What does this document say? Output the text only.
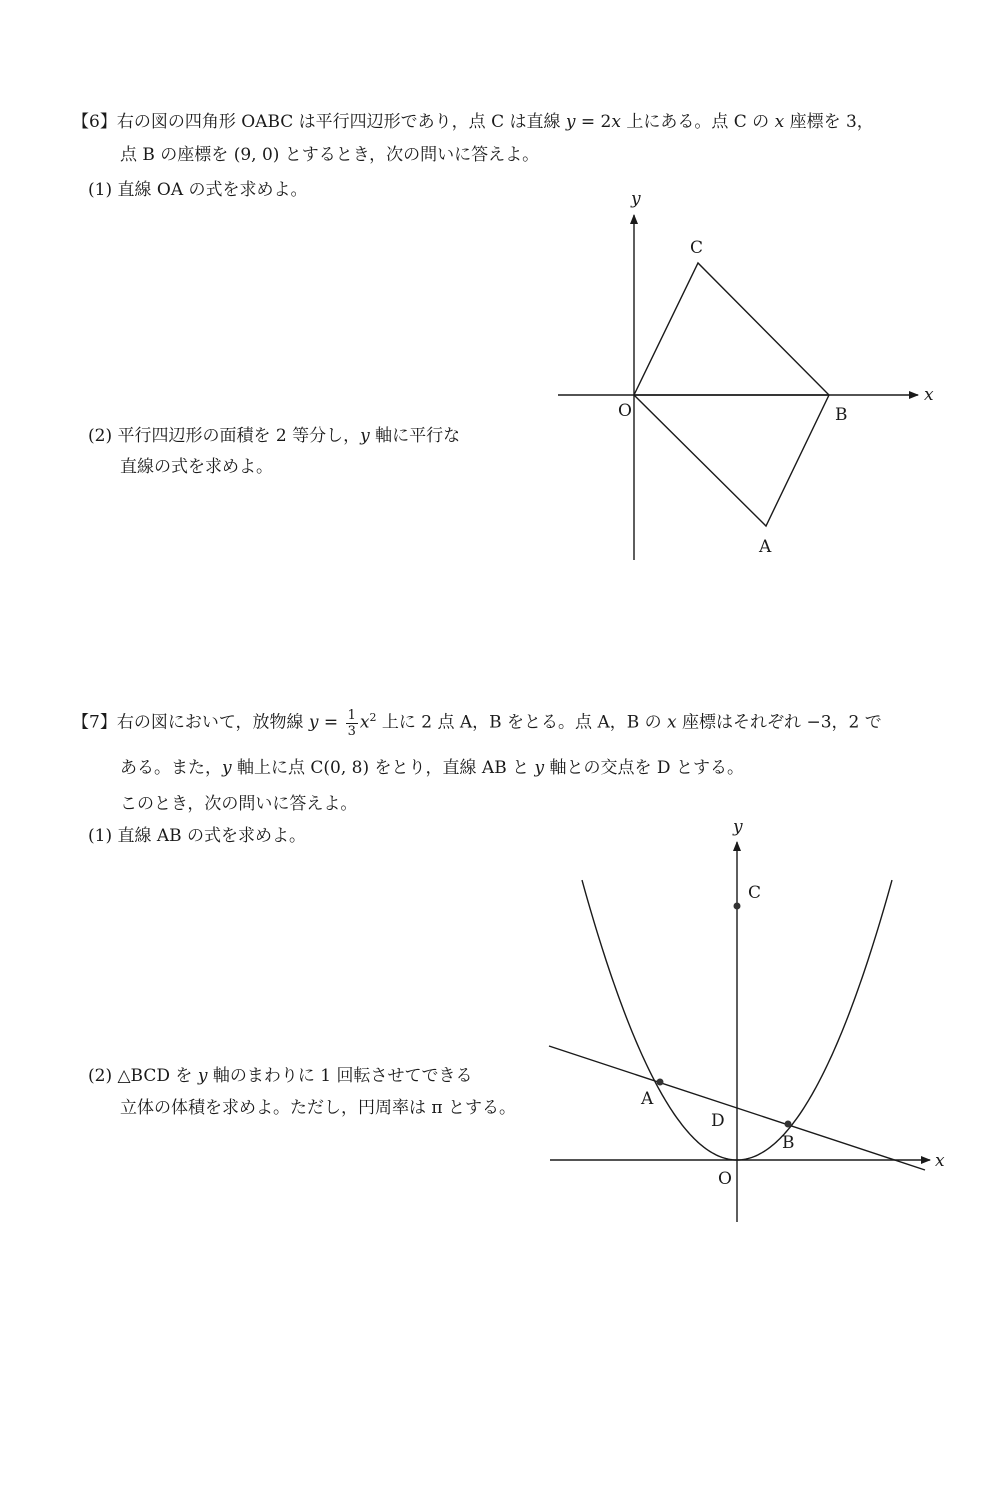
【6】右の図の四角形 OABC は平行四辺形であり，点 C は直線 y = 2x 上にある。点 C の x 座標を 3，
点 B の座標を (9, 0) とするとき，次の問いに答えよ。
(1) 直線 OA の式を求めよ。
(2) 平行四辺形の面積を 2 等分し，y 軸に平行な
直線の式を求めよ。
y
x
O
A
B
C
【7】右の図において，放物線 $y = \frac{1}{3} x^2$ 上に 2 点 A，B をとる。点 A，B の x 座標はそれぞれ −3，2 で
ある。また，y 軸上に点 C(0, 8) をとり，直線 AB と y 軸との交点を D とする。
このとき，次の問いに答えよ。
(1) 直線 AB の式を求めよ。
(2) △BCD を y 軸のまわりに 1 回転させてできる
立体の体積を求めよ。ただし，円周率は π とする。
y
x
O
A
B
C
D
